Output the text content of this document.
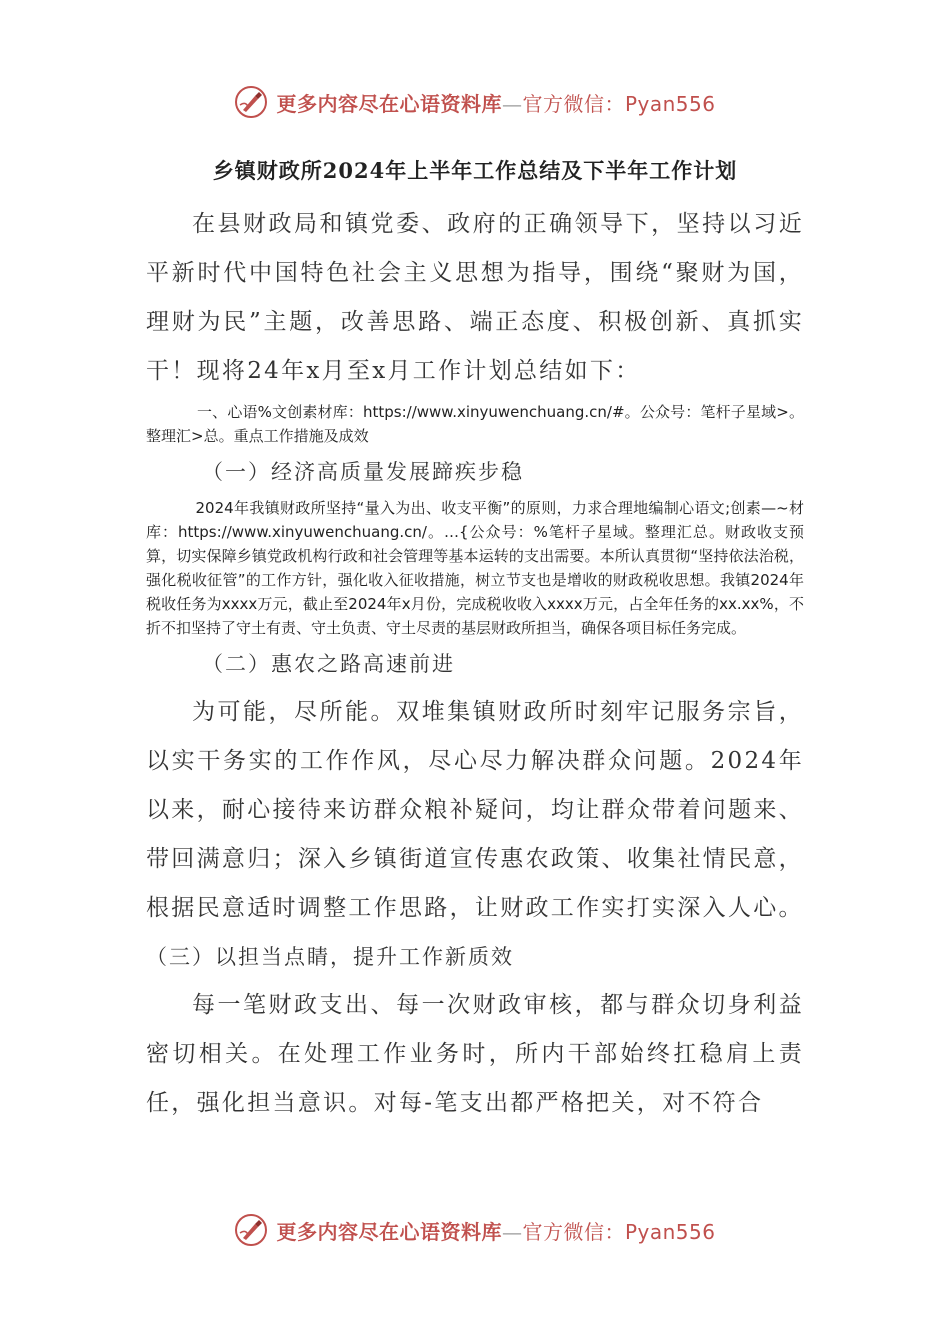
更多内容尽在心语资料库—官方微信：Pyan556
乡镇财政所2024年上半年工作总结及下半年工作计划

在县财政局和镇党委、政府的正确领导下，坚持以习近平新时代中国特色社会主义思想为指导，围绕“聚财为国，理财为民”主题，改善思路、端正态度、积极创新、真抓实干！现将24年x月至x月工作计划总结如下：

一、心语%文创素材库：https://www.xinyuwenchuang.cn/#。公众号：笔杆子星域>。整理汇>总。重点工作措施及成效

（一）经济高质量发展蹄疾步稳

2024年我镇财政所坚持“量入为出、收支平衡”的原则，力求合理地编制心语文;创素—~材库：https://www.xinyuwenchuang.cn/。…{公众号：%笔杆子星域。整理汇总。财政收支预算，切实保障乡镇党政机构行政和社会管理等基本运转的支出需要。本所认真贯彻“坚持依法治税，强化税收征管”的工作方针，强化收入征收措施，树立节支也是增收的财政税收思想。我镇2024年税收任务为xxxx万元，截止至2024年x月份，完成税收收入xxxx万元，占全年任务的xx.xx%，不折不扣坚持了守土有责、守土负责、守土尽责的基层财政所担当，确保各项目标任务完成。

（二）惠农之路高速前进

为可能，尽所能。双堆集镇财政所时刻牢记服务宗旨，以实干务实的工作作风，尽心尽力解决群众问题。2024年以来，耐心接待来访群众粮补疑问，均让群众带着问题来、带回满意归；深入乡镇街道宣传惠农政策、收集社情民意，根据民意适时调整工作思路，让财政工作实打实深入人心。

（三）以担当点睛，提升工作新质效

每一笔财政支出、每一次财政审核，都与群众切身利益密切相关。在处理工作业务时，所内干部始终扛稳肩上责任，强化担当意识。对每-笔支出都严格把关，对不符合

更多内容尽在心语资料库—官方微信：Pyan556
